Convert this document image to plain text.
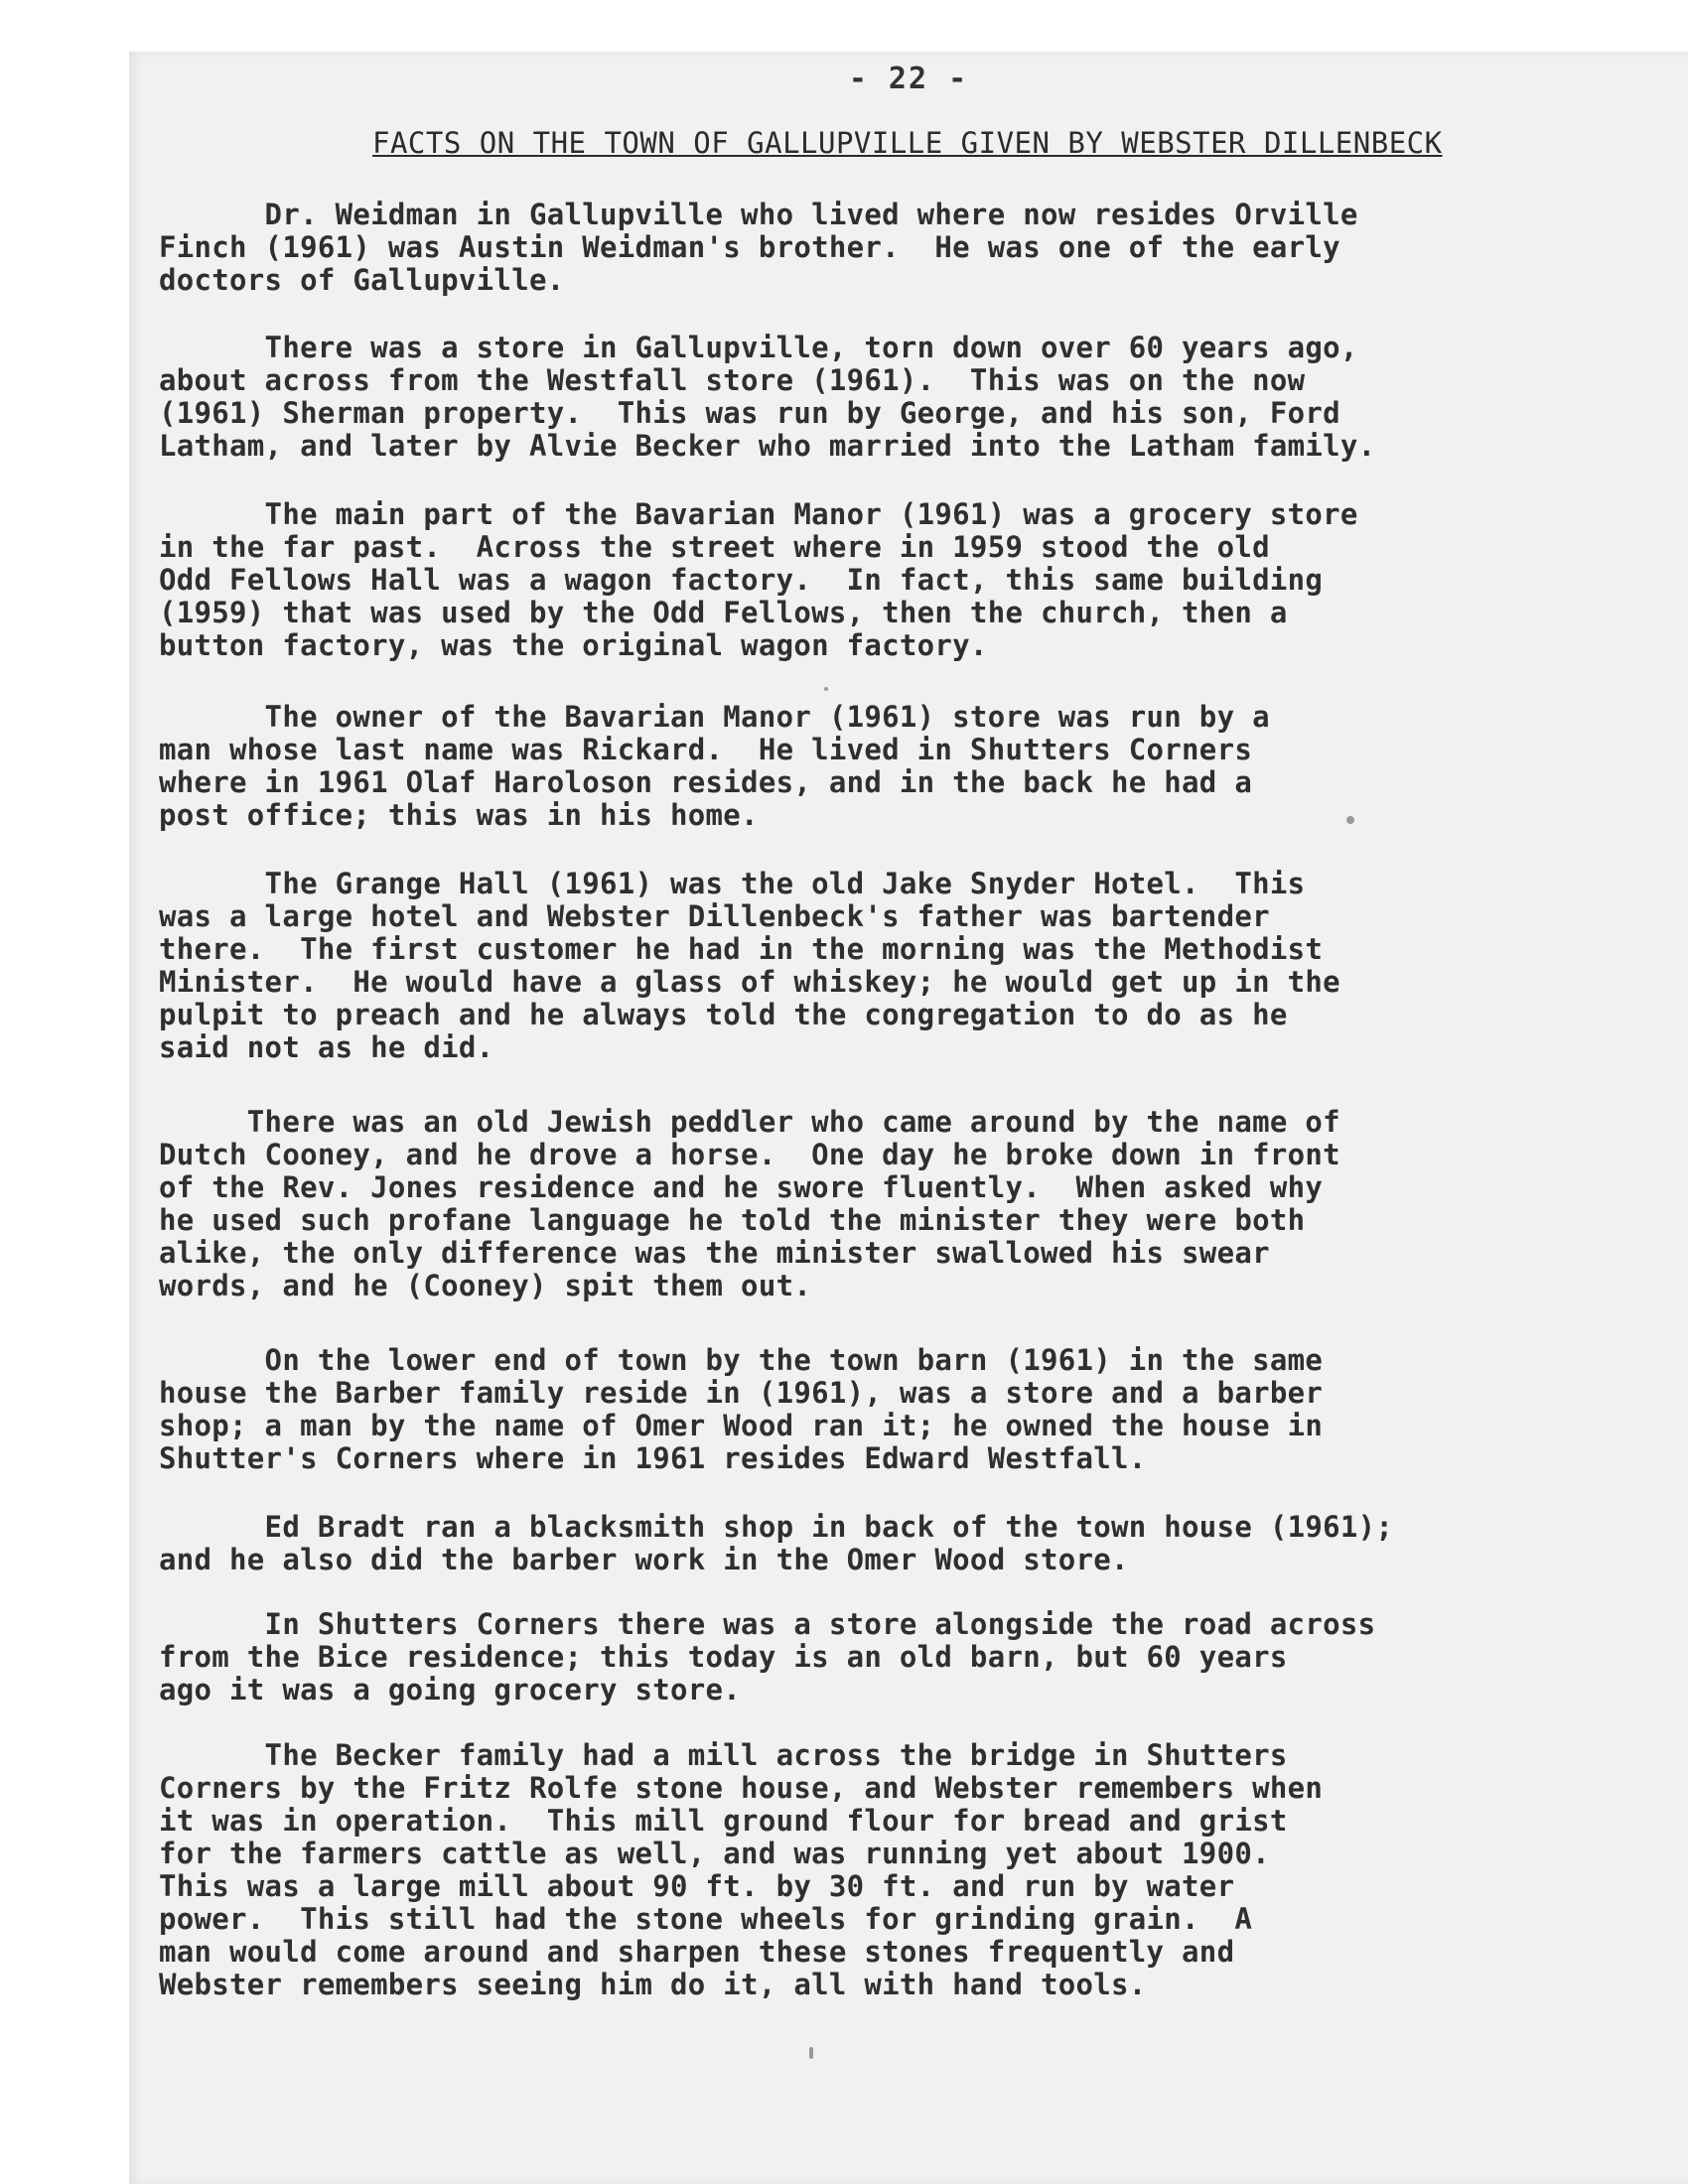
- 22 -
FACTS ON THE TOWN OF GALLUPVILLE GIVEN BY WEBSTER DILLENBECK

Dr. Weidman in Gallupville who lived where now resides Orville
Finch (1961) was Austin Weidman's brother.  He was one of the early
doctors of Gallupville.

There was a store in Gallupville, torn down over 60 years ago,
about across from the Westfall store (1961).  This was on the now
(1961) Sherman property.  This was run by George, and his son, Ford
Latham, and later by Alvie Becker who married into the Latham family.

The main part of the Bavarian Manor (1961) was a grocery store
in the far past.  Across the street where in 1959 stood the old
Odd Fellows Hall was a wagon factory.  In fact, this same building
(1959) that was used by the Odd Fellows, then the church, then a
button factory, was the original wagon factory.

The owner of the Bavarian Manor (1961) store was run by a
man whose last name was Rickard.  He lived in Shutters Corners
where in 1961 Olaf Haroloson resides, and in the back he had a
post office; this was in his home.

The Grange Hall (1961) was the old Jake Snyder Hotel.  This
was a large hotel and Webster Dillenbeck's father was bartender
there.  The first customer he had in the morning was the Methodist
Minister.  He would have a glass of whiskey; he would get up in the
pulpit to preach and he always told the congregation to do as he
said not as he did.

There was an old Jewish peddler who came around by the name of
Dutch Cooney, and he drove a horse.  One day he broke down in front
of the Rev. Jones residence and he swore fluently.  When asked why
he used such profane language he told the minister they were both
alike, the only difference was the minister swallowed his swear
words, and he (Cooney) spit them out.

On the lower end of town by the town barn (1961) in the same
house the Barber family reside in (1961), was a store and a barber
shop; a man by the name of Omer Wood ran it; he owned the house in
Shutter's Corners where in 1961 resides Edward Westfall.

Ed Bradt ran a blacksmith shop in back of the town house (1961);
and he also did the barber work in the Omer Wood store.

In Shutters Corners there was a store alongside the road across
from the Bice residence; this today is an old barn, but 60 years
ago it was a going grocery store.

The Becker family had a mill across the bridge in Shutters
Corners by the Fritz Rolfe stone house, and Webster remembers when
it was in operation.  This mill ground flour for bread and grist
for the farmers cattle as well, and was running yet about 1900.
This was a large mill about 90 ft. by 30 ft. and run by water
power.  This still had the stone wheels for grinding grain.  A
man would come around and sharpen these stones frequently and
Webster remembers seeing him do it, all with hand tools.
